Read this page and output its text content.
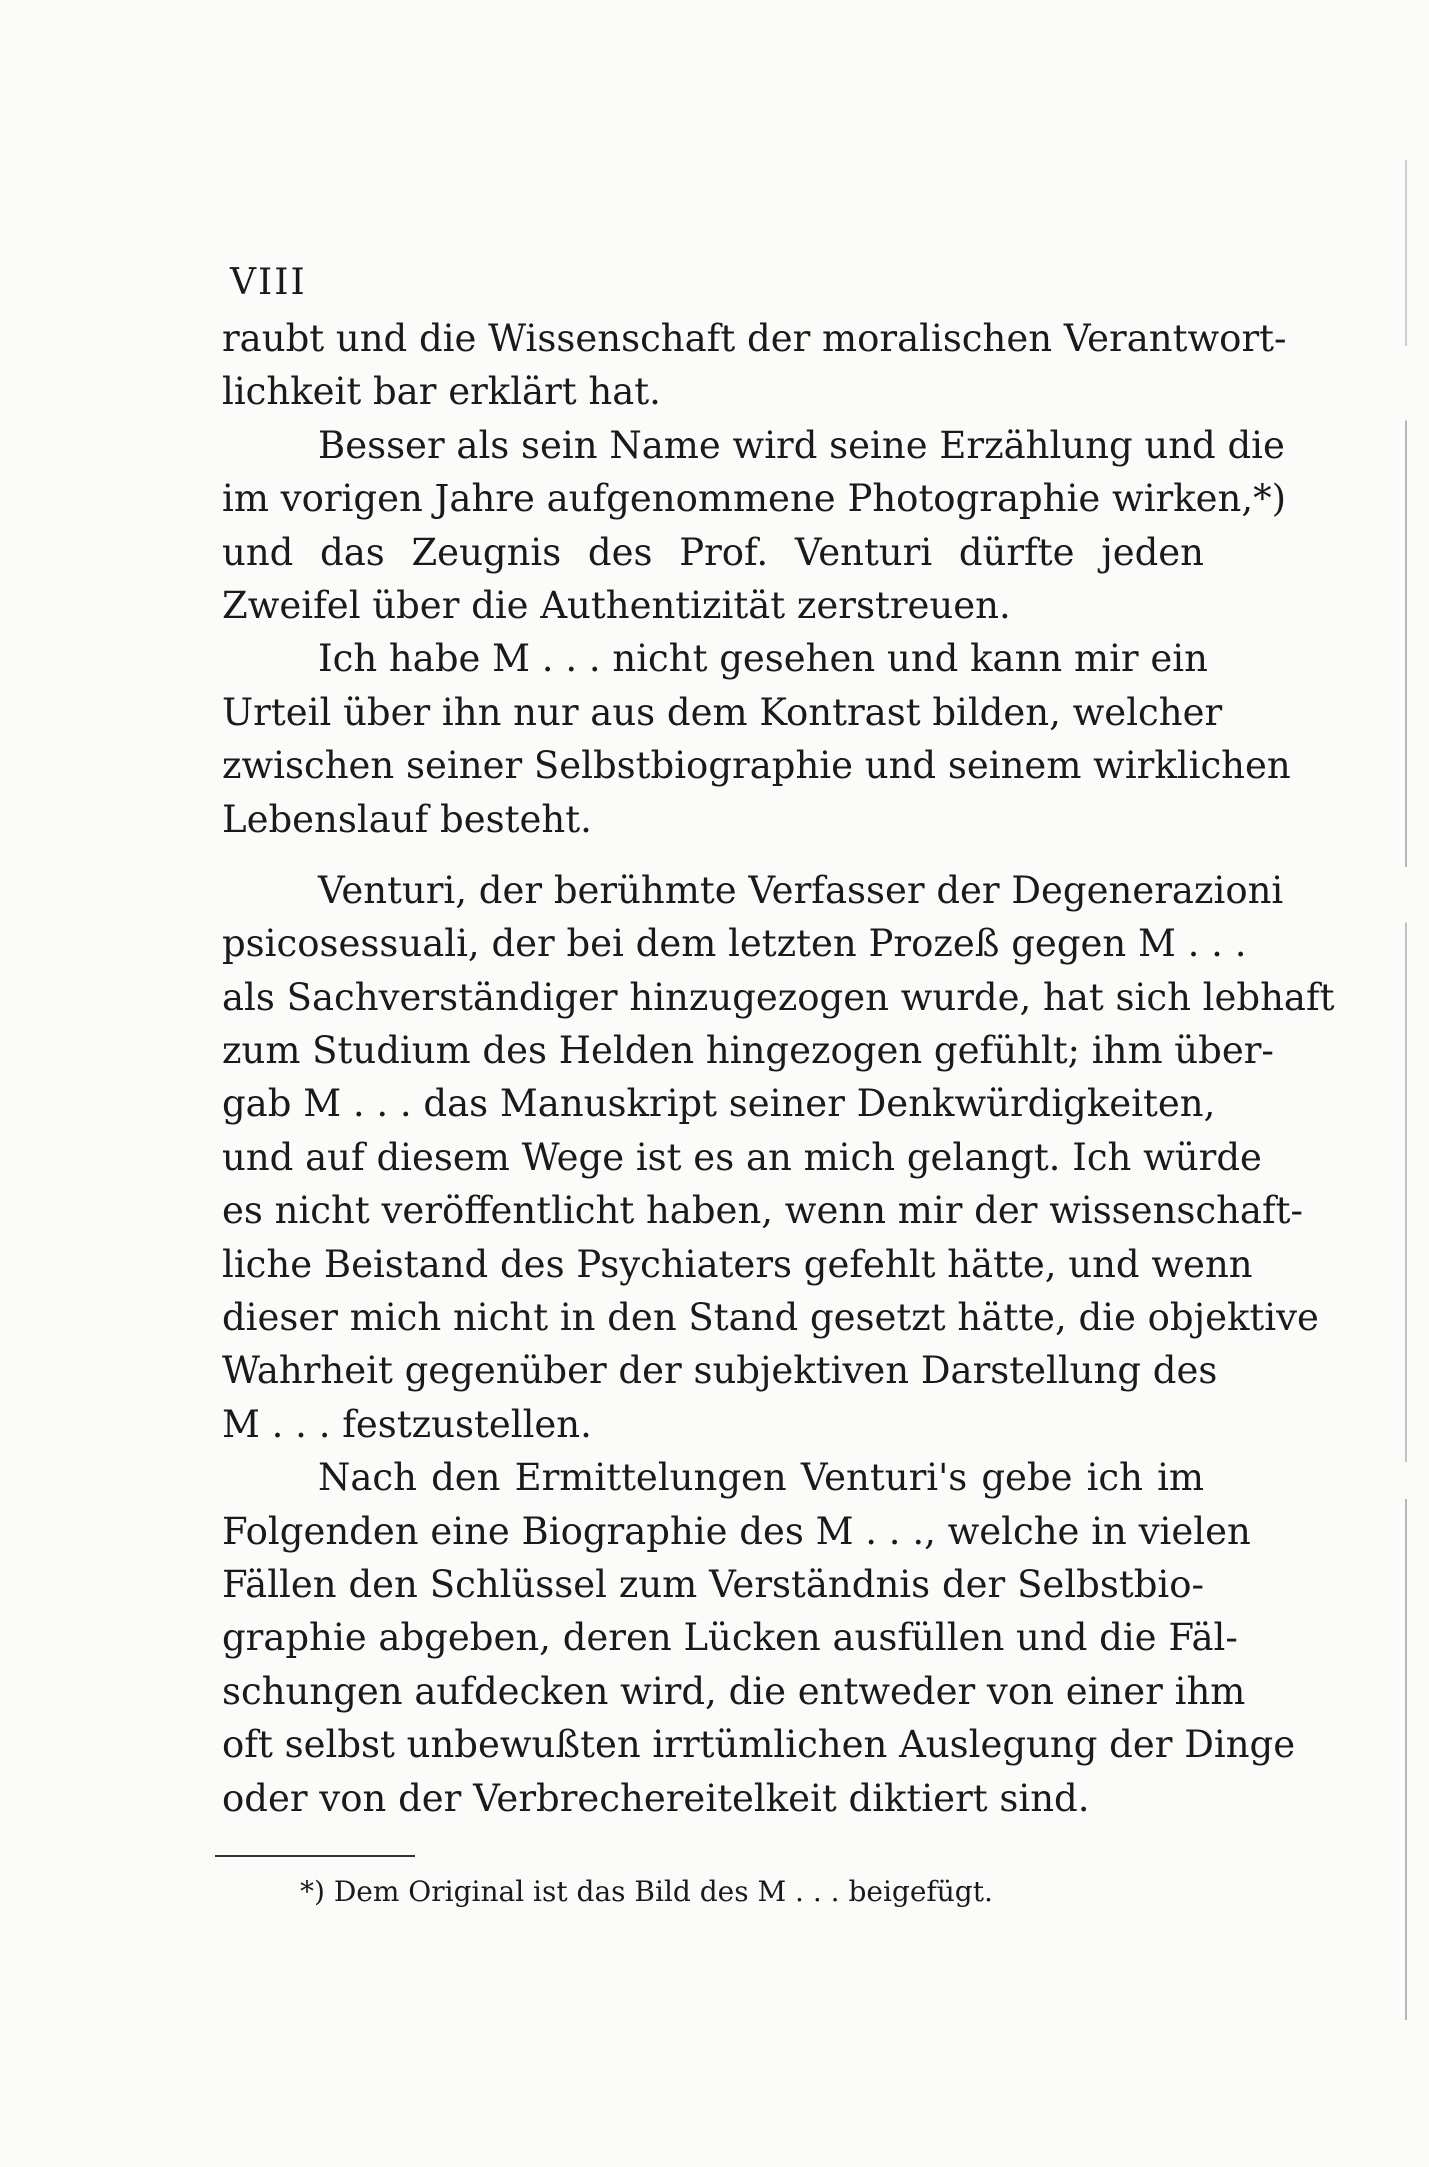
VIII
raubt und die Wissenschaft der moralischen Verantwort-
lichkeit bar erklärt hat.
Besser als sein Name wird seine Erzählung und die
im vorigen Jahre aufgenommene Photographie wirken,*)
und das Zeugnis des Prof. Venturi dürfte jeden
Zweifel über die Authentizität zerstreuen.
Ich habe M . . . nicht gesehen und kann mir ein
Urteil über ihn nur aus dem Kontrast bilden, welcher
zwischen seiner Selbstbiographie und seinem wirklichen
Lebenslauf besteht.
Venturi, der berühmte Verfasser der Degenerazioni
psicosessuali, der bei dem letzten Prozeß gegen M . . .
als Sachverständiger hinzugezogen wurde, hat sich lebhaft
zum Studium des Helden hingezogen gefühlt; ihm über-
gab M . . . das Manuskript seiner Denkwürdigkeiten,
und auf diesem Wege ist es an mich gelangt. Ich würde
es nicht veröffentlicht haben, wenn mir der wissenschaft-
liche Beistand des Psychiaters gefehlt hätte, und wenn
dieser mich nicht in den Stand gesetzt hätte, die objektive
Wahrheit gegenüber der subjektiven Darstellung des
M . . . festzustellen.
Nach den Ermittelungen Venturi's gebe ich im
Folgenden eine Biographie des M . . ., welche in vielen
Fällen den Schlüssel zum Verständnis der Selbstbio-
graphie abgeben, deren Lücken ausfüllen und die Fäl-
schungen aufdecken wird, die entweder von einer ihm
oft selbst unbewußten irrtümlichen Auslegung der Dinge
oder von der Verbrechereitelkeit diktiert sind.
*) Dem Original ist das Bild des M . . . beigefügt.
